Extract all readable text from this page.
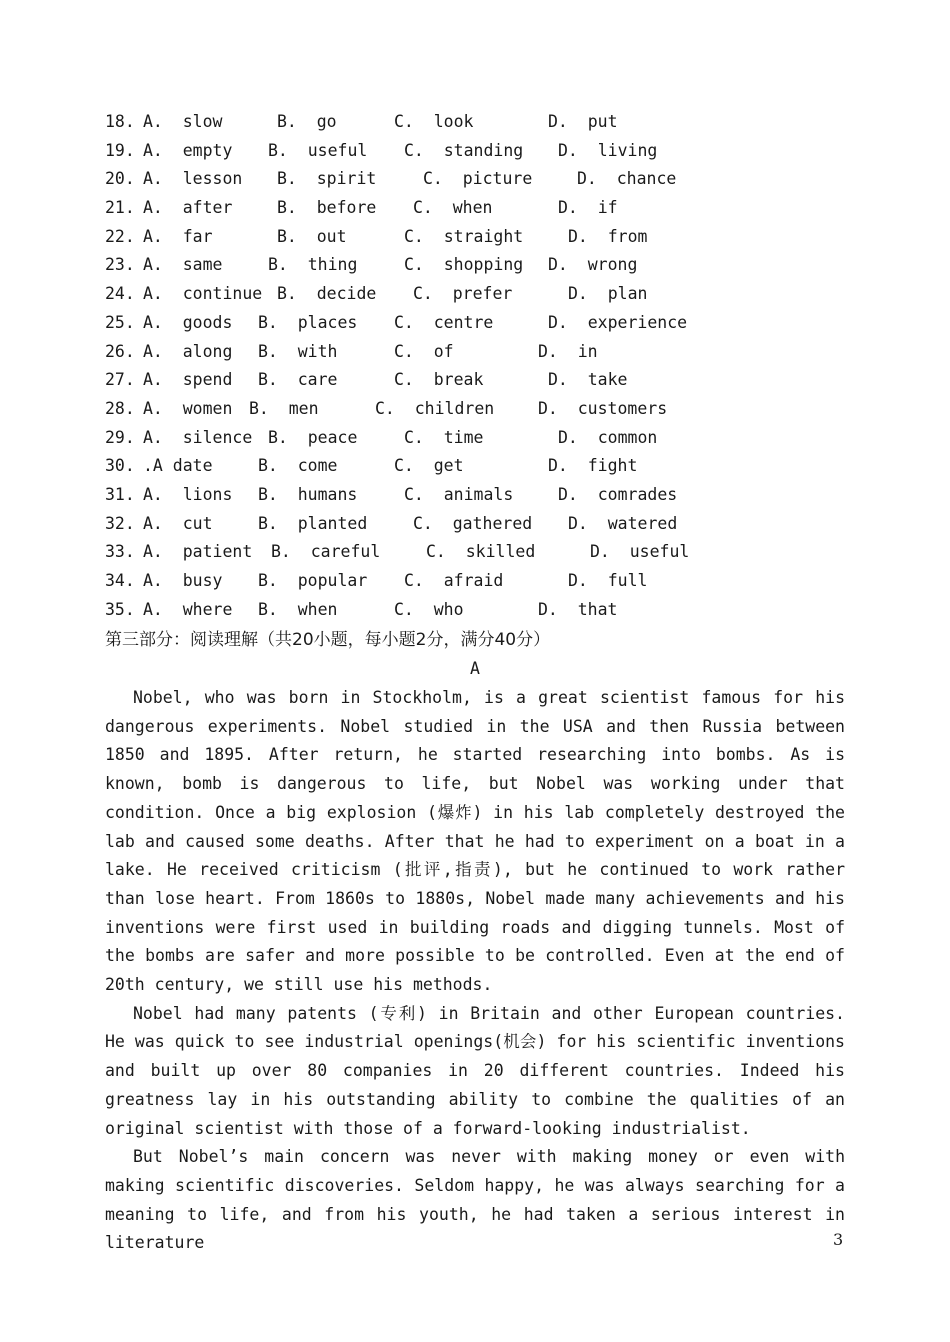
18. A.  slow	B.  go	C.  look	D.  put
19. A.  empty B.  useful C.  standing D.  living
20. A.  lesson B.  spirit	C.  picture	D.  chance
21. A.  after	B.  before C.  when	D.  if
22. A.  far	B.  out	C.  straight	D.  from
23. A.  same	B.  thing	C.  shopping D.  wrong
24. A.  continue B.  decide C.  prefer	D.  plan
25. A.  goods B.  places C.  centre	D.  experience
26. A.  along B.  with	C.  of	D.  in
27. A.  spend B.  care	C.  break	D.  take
28. A.  women B.  men	C.  children	D.  customers
29. A.  silence B.  peace	C.  time	D.  common
30. .A date	B.  come	C.  get	D.  fight
31. A.  lions B.  humans	C.  animals	D.  comrades
32. A.  cut	B.  planted	C.  gathered D.  watered
33. A.  patient B.  careful	C.  skilled	D.  useful
34. A.  busy B.  popular C.  afraid	D.  full
35. A.  where B.  when	C.  who	D.  that
第三部分：阅读理解（共20小题，每小题2分，满分40分）
A

Nobel, who was born in Stockholm, is a great scientist famous for his dangerous experiments. Nobel studied in the USA and then Russia between 1850 and 1895. After return, he started researching into bombs. As is known, bomb is dangerous to life, but Nobel was working under that condition. Once a big explosion (爆炸) in his lab completely destroyed the lab and caused some deaths. After that he had to experiment on a boat in a lake. He received criticism (批评,指责), but he continued to work rather than lose heart. From 1860s to 1880s, Nobel made many achievements and his inventions were first used in building roads and digging tunnels. Most of the bombs are safer and more possible to be controlled. Even at the end of 20th century, we still use his methods.

Nobel had many patents (专利) in Britain and other European countries. He was quick to see industrial openings(机会) for his scientific inventions and built up over 80 companies in 20 different countries. Indeed his greatness lay in his outstanding ability to combine the qualities of an original scientist with those of a forward-looking industrialist.

But Nobel’s main concern was never with making money or even with making scientific discoveries. Seldom happy, he was always searching for a meaning to life, and from his youth, he had taken a serious interest in literature	3
